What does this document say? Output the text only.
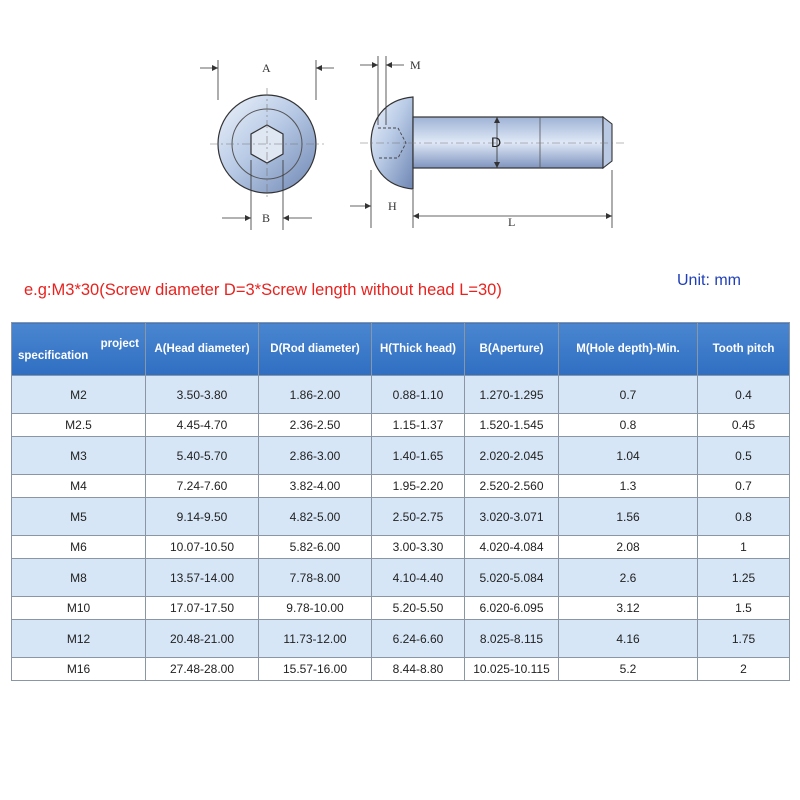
A
B
M
H
L
D
e.g:M3*30(Screw diameter D=3*Screw length without head L=30)
Unit: mm
project
specification	A(Head diameter)	D(Rod diameter)	H(Thick head)	B(Aperture)	M(Hole depth)-Min.	Tooth pitch
M2	3.50-3.80	1.86-2.00	0.88-1.10	1.270-1.295	0.7	0.4
M2.5	4.45-4.70	2.36-2.50	1.15-1.37	1.520-1.545	0.8	0.45
M3	5.40-5.70	2.86-3.00	1.40-1.65	2.020-2.045	1.04	0.5
M4	7.24-7.60	3.82-4.00	1.95-2.20	2.520-2.560	1.3	0.7
M5	9.14-9.50	4.82-5.00	2.50-2.75	3.020-3.071	1.56	0.8
M6	10.07-10.50	5.82-6.00	3.00-3.30	4.020-4.084	2.08	1
M8	13.57-14.00	7.78-8.00	4.10-4.40	5.020-5.084	2.6	1.25
M10	17.07-17.50	9.78-10.00	5.20-5.50	6.020-6.095	3.12	1.5
M12	20.48-21.00	11.73-12.00	6.24-6.60	8.025-8.115	4.16	1.75
M16	27.48-28.00	15.57-16.00	8.44-8.80	10.025-10.115	5.2	2
